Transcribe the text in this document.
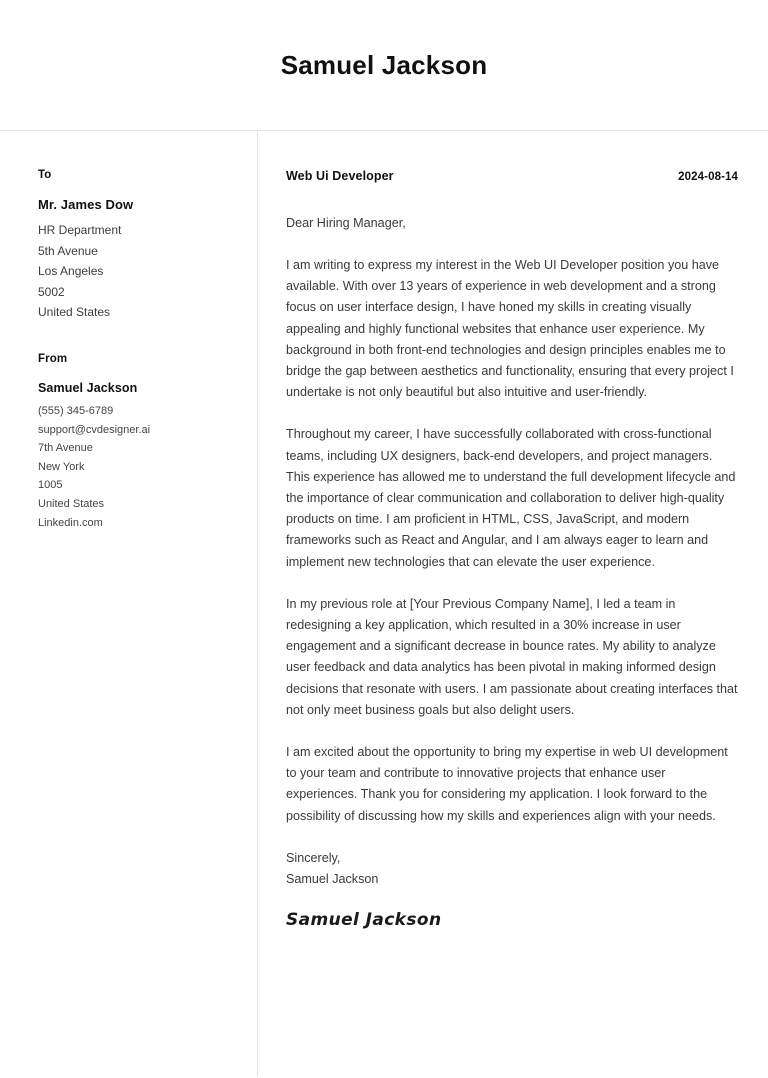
Samuel Jackson
To
Mr. James Dow
HR Department
5th Avenue
Los Angeles
5002
United States
From
Samuel Jackson
(555) 345-6789
support@cvdesigner.ai
7th Avenue
New York
1005
United States
Linkedin.com
Web Ui Developer	2024-08-14
Dear Hiring Manager,

I am writing to express my interest in the Web UI Developer position you have available. With over 13 years of experience in web development and a strong focus on user interface design, I have honed my skills in creating visually appealing and highly functional websites that enhance user experience. My background in both front-end technologies and design principles enables me to bridge the gap between aesthetics and functionality, ensuring that every project I undertake is not only beautiful but also intuitive and user-friendly.

Throughout my career, I have successfully collaborated with cross-functional teams, including UX designers, back-end developers, and project managers. This experience has allowed me to understand the full development lifecycle and the importance of clear communication and collaboration to deliver high-quality products on time. I am proficient in HTML, CSS, JavaScript, and modern frameworks such as React and Angular, and I am always eager to learn and implement new technologies that can elevate the user experience.

In my previous role at [Your Previous Company Name], I led a team in redesigning a key application, which resulted in a 30% increase in user engagement and a significant decrease in bounce rates. My ability to analyze user feedback and data analytics has been pivotal in making informed design decisions that resonate with users. I am passionate about creating interfaces that not only meet business goals but also delight users.

I am excited about the opportunity to bring my expertise in web UI development to your team and contribute to innovative projects that enhance user experiences. Thank you for considering my application. I look forward to the possibility of discussing how my skills and experiences align with your needs.

Sincerely,
Samuel Jackson
Samuel Jackson
